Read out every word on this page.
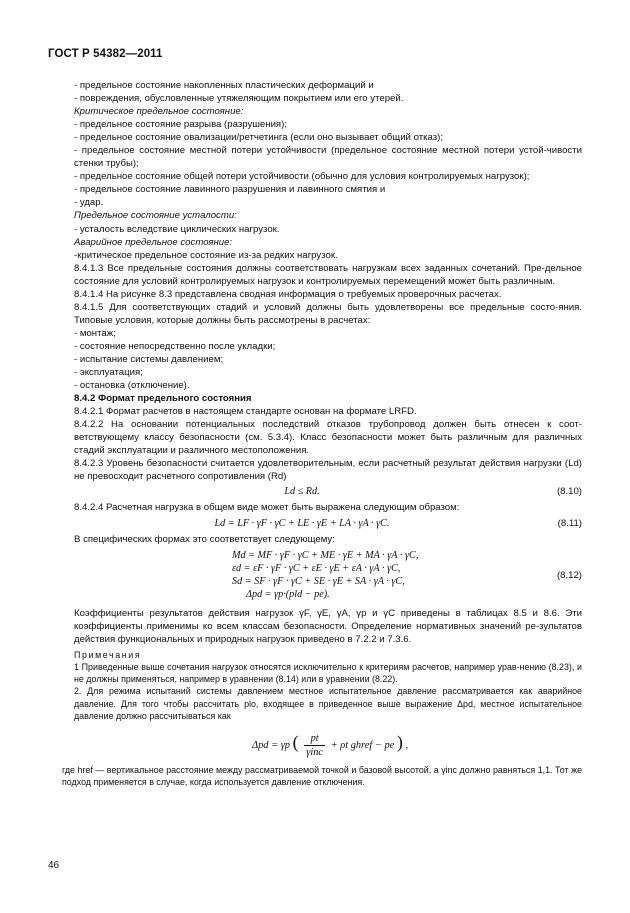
ГОСТ Р 54382—2011

- предельное состояние накопленных пластических деформаций и

- повреждения, обусловленные утяжеляющим покрытием или его утерей.

Критическое предельное состояние:

- предельное состояние разрыва (разрушения);

- предельное состояние овализации/ретчетинга (если оно вызывает общий отказ);

- предельное состояние местной потери устойчивости (предельное состояние местной потери устой-чивости стенки трубы);

- предельное состояние общей потери устойчивости (обычно для условия контролируемых нагрузок);

- предельное состояние лавинного разрушения и лавинного смятия и

- удар.

Предельное состояние усталости:

- усталость вследствие циклических нагрузок.

Аварийное предельное состояние:

-критическое предельное состояние из-за редких нагрузок.

8.4.1.3 Все предельные состояния должны соответствовать нагрузкам всех заданных сочетаний. Пре-дельное состояние для условий контролируемых нагрузок и контролируемых перемещений может быть различным.

8.4.1.4 На рисунке 8.3 представлена сводная информация о требуемых проверочных расчетах.

8.4.1.5 Для соответствующих стадий и условий должны быть удовлетворены все предельные состо-яния. Типовые условия, которые должны быть рассмотрены в расчетах:

- монтаж;

- состояние непосредственно после укладки;

- испытание системы давлением;

- эксплуатация;

- остановка (отключение).

8.4.2 Формат предельного состояния

8.4.2.1 Формат расчетов в настоящем стандарте основан на формате LRFD.

8.4.2.2 На основании потенциальных последствий отказов трубопровод должен быть отнесен к соот-ветствующему классу безопасности (см. 5.3.4). Класс безопасности может быть различным для различных стадий эксплуатации и различного местоположения.

8.4.2.3 Уровень безопасности считается удовлетворительным, если расчетный результат действия нагрузки (Ld) не превосходит расчетного сопротивления (Rd)

Ld ≤ Rd.	(8.10)

8.4.2.4 Расчетная нагрузка в общем виде может быть выражена следующим образом:

Ld = LF · γF · γC + LE · γE + LA · γA · γC.	(8.11)

В специфических формах это соответствует следующему:

Md = MF · γF · γC + ME · γE + MA · γA · γC,
εd = εF · γF · γC + εE · γE + εA · γA · γC,
Sd = SF · γF · γC + SE · γE + SA · γA · γC,
Δpd = γp·(pld − pe).
(8.12)

Коэффициенты результатов действия нагрузок γF, γE, γA, γp и γC приведены в таблицах 8.5 и 8.6. Эти коэффициенты применимы ко всем классам безопасности. Определение нормативных значений ре-зультатов действия функциональных и природных нагрузок приведено в 7.2.2 и 7.3.6.

Примечания

1 Приведенные выше сочетания нагрузок относятся исключительно к критериям расчетов, например урав-нению (8.23), и не должны применяться, например в уравнении (8.14) или в уравнении (8.22).

2. Для режима испытаний системы давлением местное испытательное давление рассматривается как аварийное давление. Для того чтобы рассчитать plo, входящее в приведенное выше выражение Δpd, местное испытательное давление должно рассчитываться как

Δpd = γp (	pt
γinc
+ ρt ghref − pe ) ,

где href — вертикальное расстояние между рассматриваемой точкой и базовой высотой, а γinc должно равняться 1,1. Тот же подход применяется в случае, когда используется давление отключения.

46
